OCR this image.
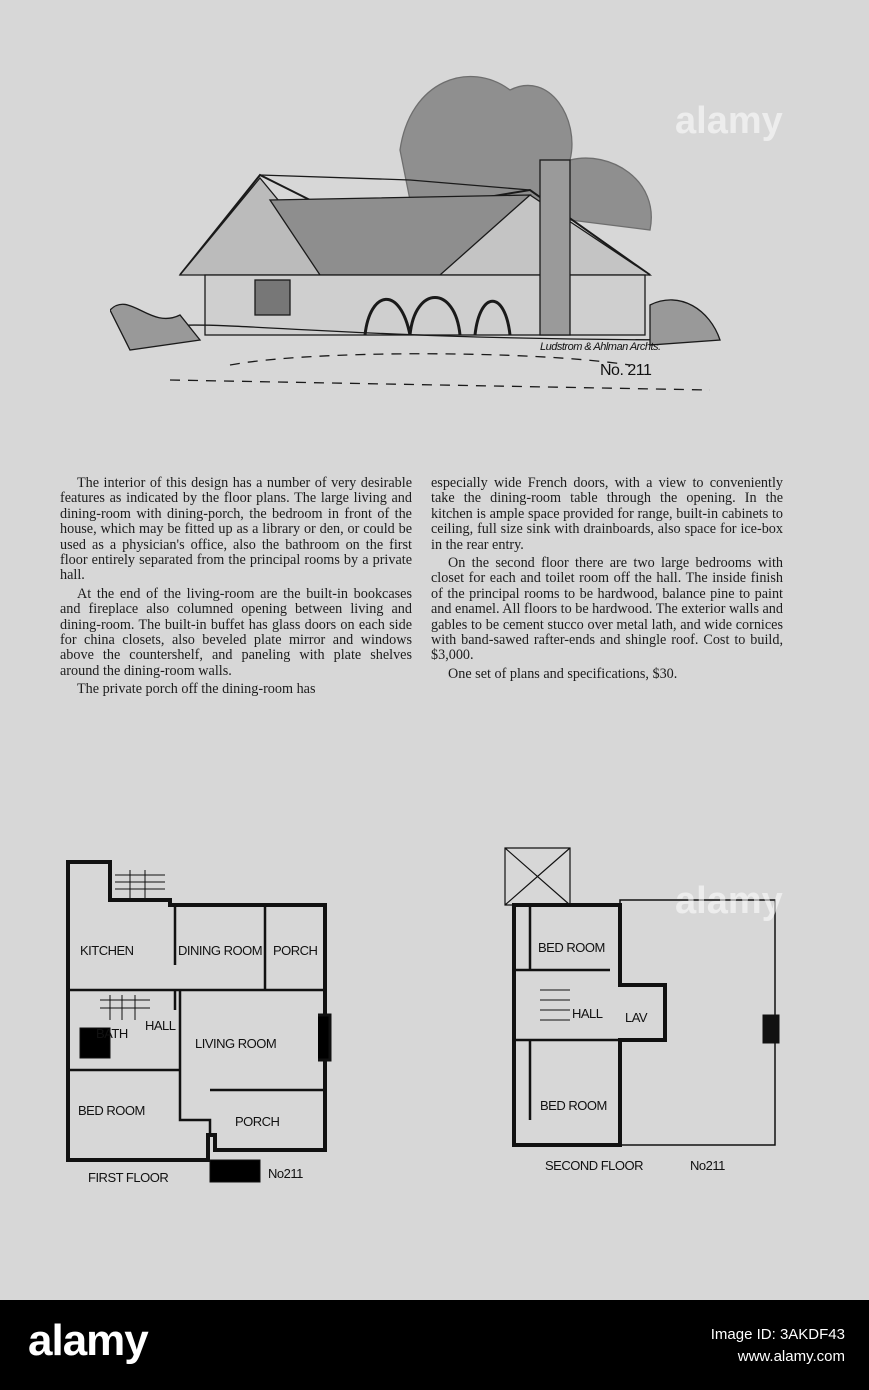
Ludstrom & Ahlman Archts.
No. 211

The interior of this design has a number of very desirable features as indicated by the floor plans. The large living and dining-room with dining-porch, the bedroom in front of the house, which may be fitted up as a library or den, or could be used as a physician's office, also the bathroom on the first floor entirely separated from the principal rooms by a private hall.

At the end of the living-room are the built-in bookcases and fireplace also columned opening between living and dining-room. The built-in buffet has glass doors on each side for china closets, also beveled plate mirror and windows above the countershelf, and paneling with plate shelves around the dining-room walls.

The private porch off the dining-room has

especially wide French doors, with a view to conveniently take the dining-room table through the opening. In the kitchen is ample space provided for range, built-in cabinets to ceiling, full size sink with drainboards, also space for ice-box in the rear entry.

On the second floor there are two large bedrooms with closet for each and toilet room off the hall. The inside finish of the principal rooms to be hardwood, balance pine to paint and enamel. All floors to be hardwood. The exterior walls and gables to be cement stucco over metal lath, and wide cornices with band-sawed rafter-ends and shingle roof. Cost to build, $3,000.

One set of plans and specifications, $30.

KITCHEN	DINING ROOM PORCH
BATH
HALL
LIVING ROOM
BED ROOM
PORCH
FIRST FLOOR	No211
BED ROOM
HALL LAV
BED ROOM
SECOND FLOOR	No211
alamy
alamy
alamy	Image ID: 3AKDF43
www.alamy.com
